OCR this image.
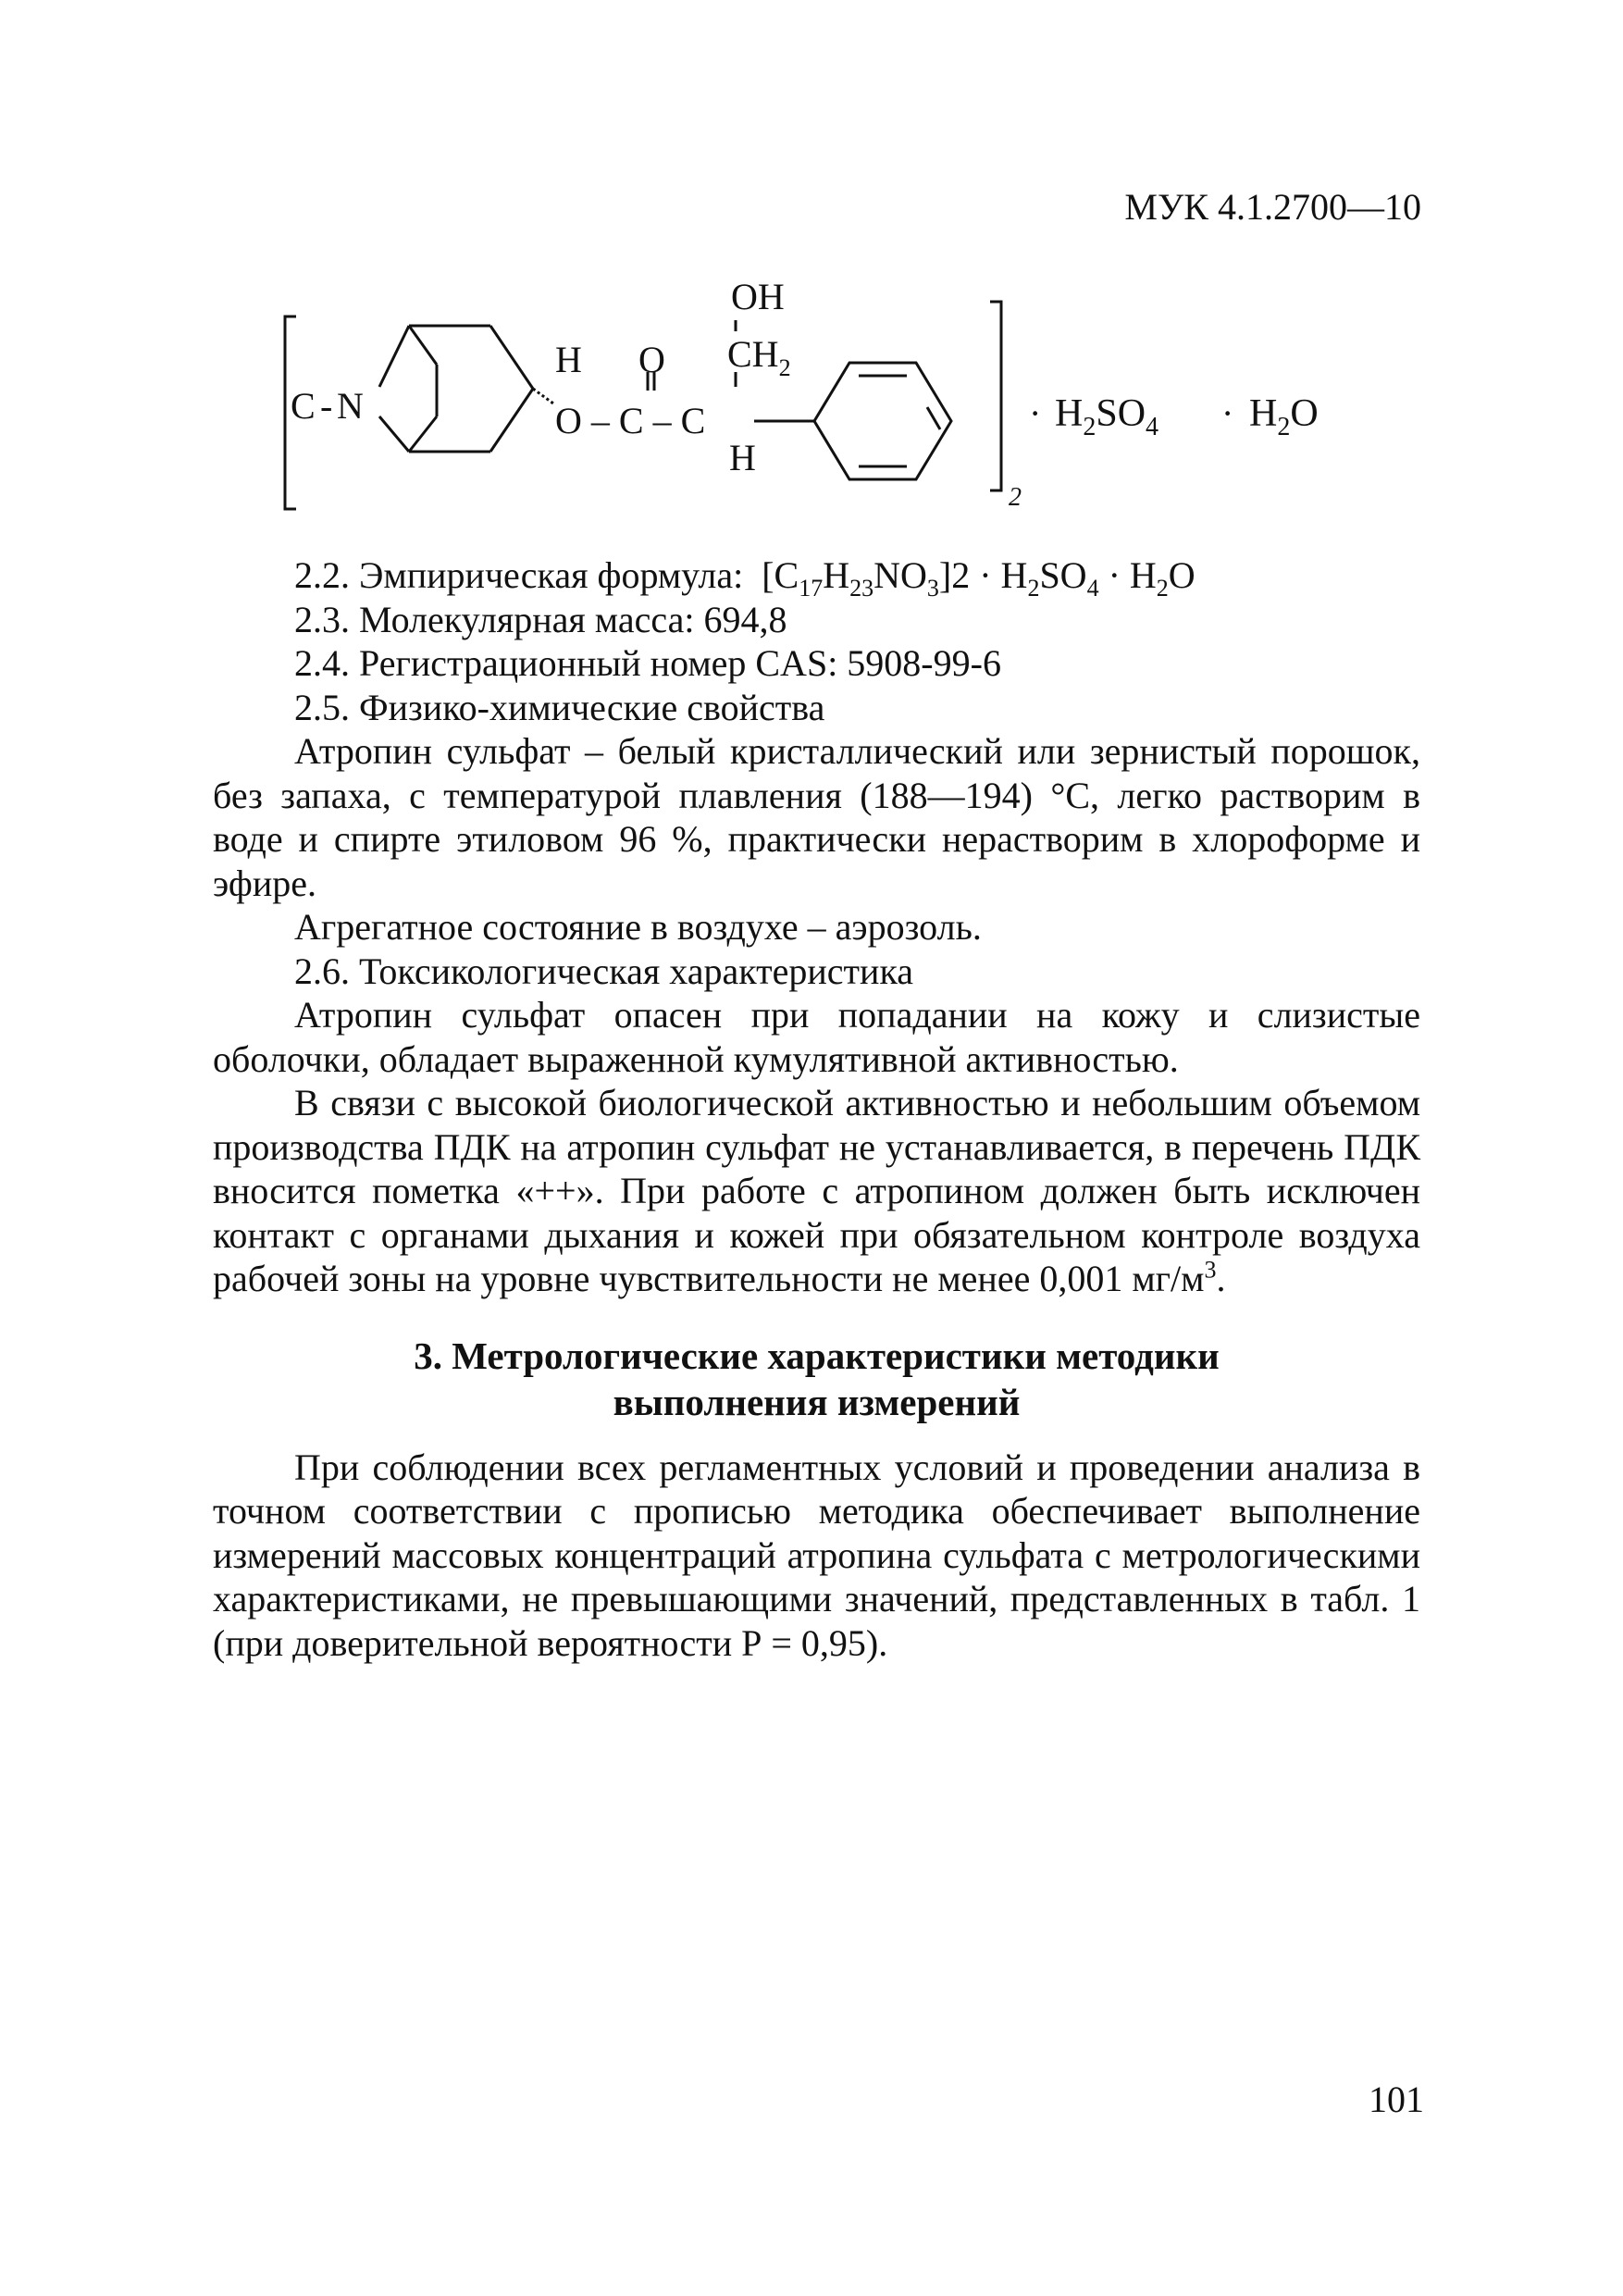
МУК 4.1.2700—10
OH
$CH_2$
C - N
H O
O – C – C
H
2
· $H_2SO_4 \cdot H_2O$

2.2. Эмпирическая формула: $[C_{17}H_{23}NO_3]2 \cdot H_2SO_4 \cdot H_2O$

2.3. Молекулярная масса: 694,8

2.4. Регистрационный номер CAS: 5908-99-6

2.5. Физико-химические свойства

Атропин сульфат – белый кристаллический или зернистый порошок, без запаха, с температурой плавления (188—194) °С, легко растворим в воде и спирте этиловом 96 %, практически нерастворим в хлороформе и эфире.

Агрегатное состояние в воздухе – аэрозоль.

2.6. Токсикологическая характеристика

Атропин сульфат опасен при попадании на кожу и слизистые оболочки, обладает выраженной кумулятивной активностью.

В связи с высокой биологической активностью и небольшим объемом производства ПДК на атропин сульфат не устанавливается, в перечень ПДК вносится пометка «++». При работе с атропином должен быть исключен контакт с органами дыхания и кожей при обязательном контроле воздуха рабочей зоны на уровне чувствительности не менее 0,001 $мг/м^3$.

3. Метрологические характеристики методики
выполнения измерений

При соблюдении всех регламентных условий и проведении анализа в точном соответствии с прописью методика обеспечивает выполнение измерений массовых концентраций атропина сульфата с метрологическими характеристиками, не превышающими значений, представленных в табл. 1 (при доверительной вероятности Р = 0,95).

101
